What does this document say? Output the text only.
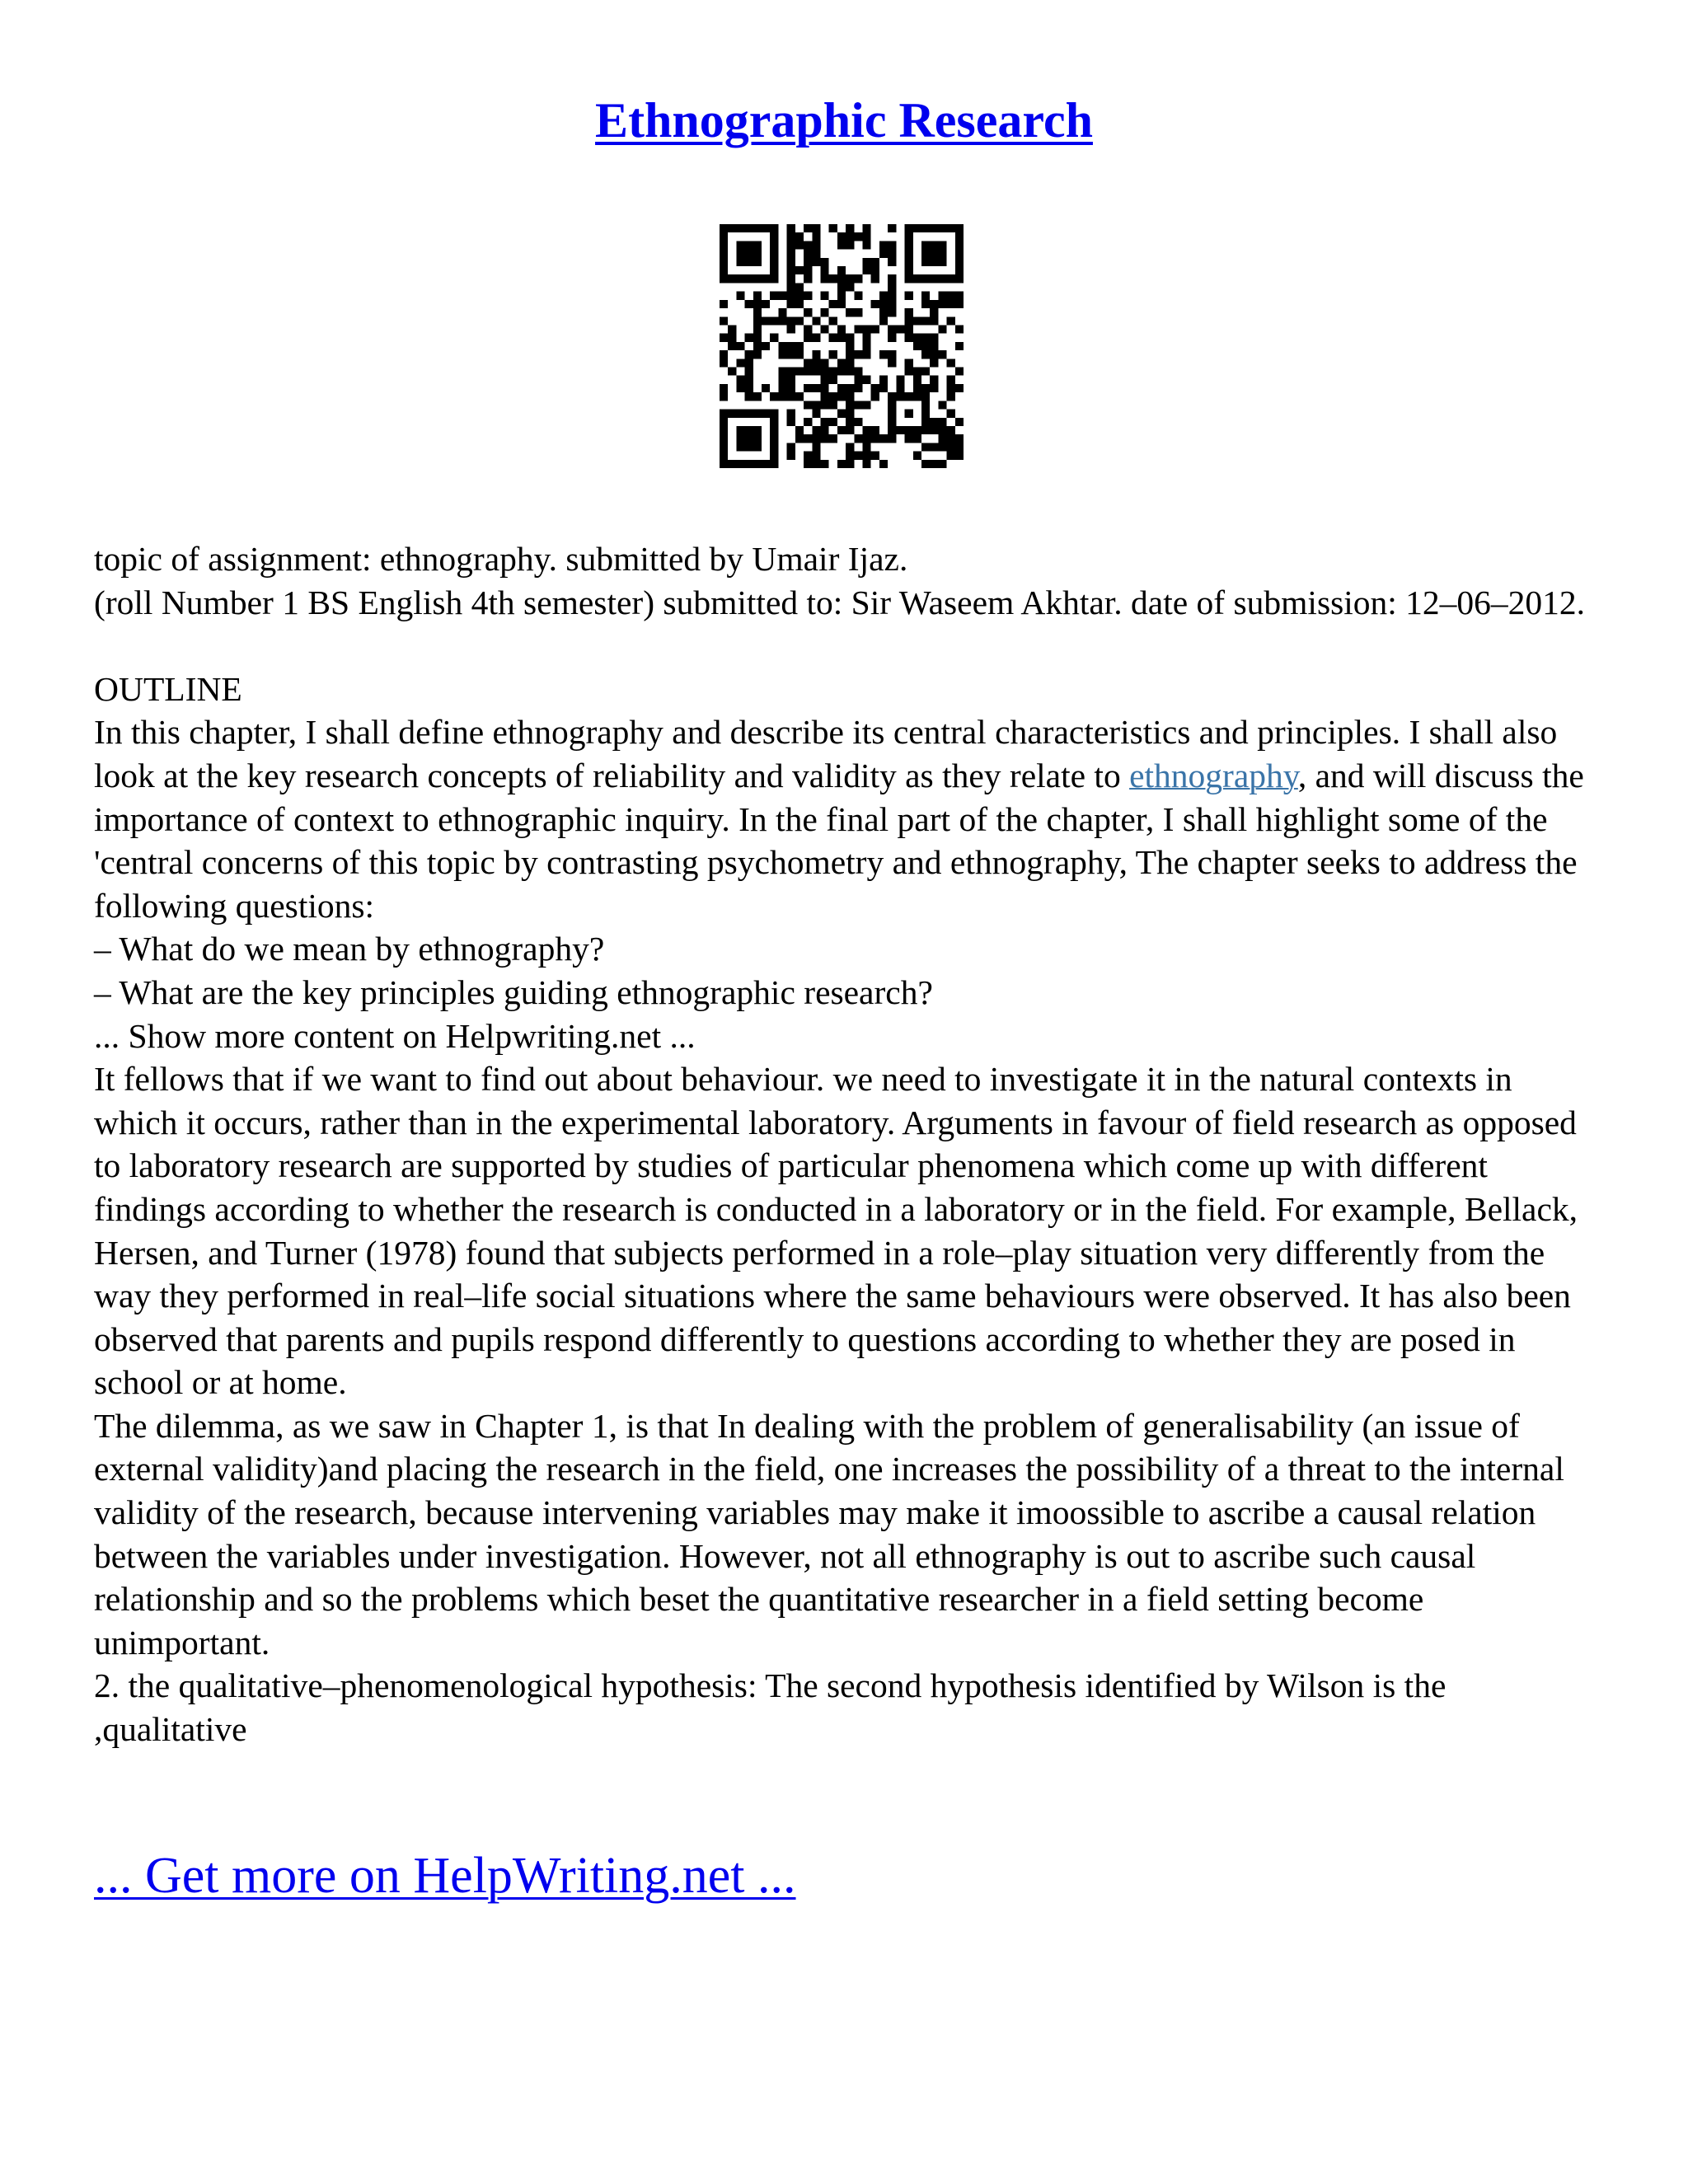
Ethnographic Research

topic of assignment: ethnography. submitted by Umair Ijaz.

(roll Number 1 BS English 4th semester) submitted to: Sir Waseem Akhtar. date of submission: 12–06–2012.

OUTLINE

In this chapter, I shall define ethnography and describe its central characteristics and principles. I shall also look at the key research concepts of reliability and validity as they relate to ethnography, and will discuss the importance of context to ethnographic inquiry. In the final part of the chapter, I shall highlight some of the 'central concerns of this topic by contrasting psychometry and ethnography, The chapter seeks to address the following questions:

– What do we mean by ethnography?

– What are the key principles guiding ethnographic research?

... Show more content on Helpwriting.net ...

It fellows that if we want to find out about behaviour. we need to investigate it in the natural contexts in which it occurs, rather than in the experimental laboratory. Arguments in favour of field research as opposed to laboratory research are supported by studies of particular phenomena which come up with different findings according to whether the research is conducted in a laboratory or in the field. For example, Bellack, Hersen, and Turner (1978) found that subjects performed in a role–play situation very differently from the way they performed in real–life social situations where the same behaviours were observed. It has also been observed that parents and pupils respond differently to questions according to whether they are posed in school or at home.

The dilemma, as we saw in Chapter 1, is that In dealing with the problem of generalisability (an issue of external validity)and placing the research in the field, one increases the possibility of a threat to the internal validity of the research, because intervening variables may make it imoossible to ascribe a causal relation between the variables under investigation. However, not all ethnography is out to ascribe such causal relationship and so the problems which beset the quantitative researcher in a field setting become unimportant.

2. the qualitative–phenomenological hypothesis: The second hypothesis identified by Wilson is the ,qualitative

... Get more on HelpWriting.net ...
